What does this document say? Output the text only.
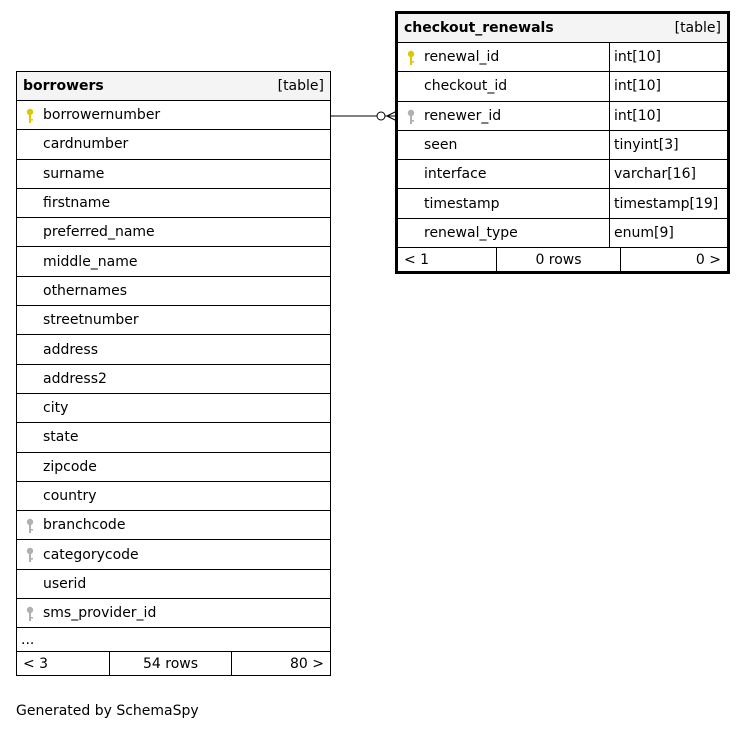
borrowers	[table]
borrowernumber
cardnumber
surname
firstname
preferred_name
middle_name
othernames
streetnumber
address
address2
city
state
zipcode
country
branchcode
categorycode
userid
sms_provider_id
...
< 3	54 rows	80 >
checkout_renewals	[table]
renewal_id	int[10]
checkout_id	int[10]
renewer_id	int[10]
seen	tinyint[3]
interface	varchar[16]
timestamp	timestamp[19]
renewal_type	enum[9]
< 1	0 rows	0 >
Generated by SchemaSpy
